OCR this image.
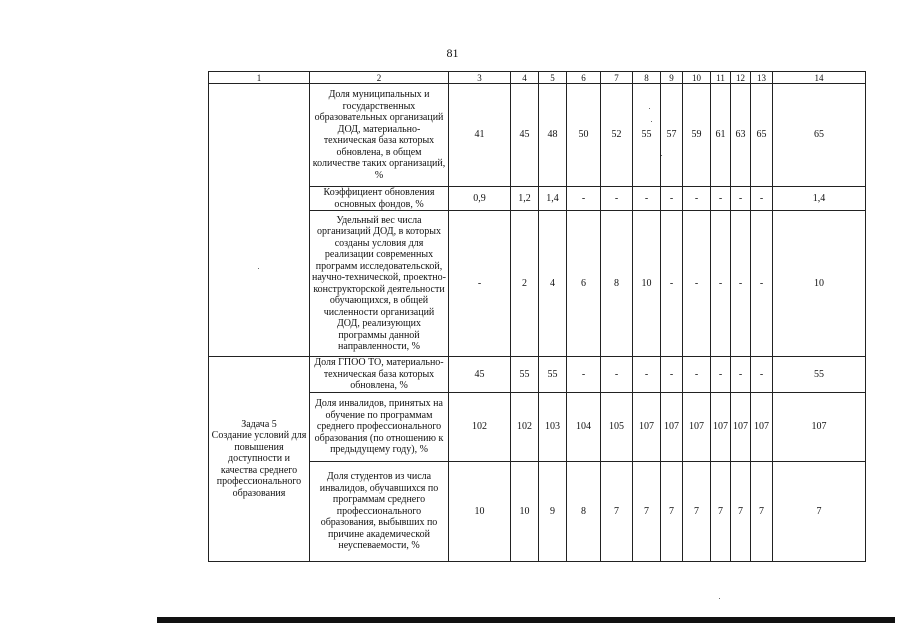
81
1	2	3	4	5	6	7	8	9	10	11	12	13	14
	Доля муниципальных и государственных образовательных организаций ДОД, материально-техническая база которых обновлена, в общем количестве таких организаций, %	41	45	48	50	52	55	57	59	61	63	65	65
	Коэффициент обновления основных фондов, %	0,9	1,2	1,4	-	-	-	-	-	-	-	-	1,4
	Удельный вес числа организаций ДОД, в которых созданы условия для реализации современных программ исследовательской, научно-технической, проектно-конструкторской деятельности обучающихся, в общей численности организаций ДОД, реализующих программы данной направленности, %	-	2	4	6	8	10	-	-	-	-	-	10

Задача 5
Создание условий для повышения доступности и качества среднего профессионального образования	Доля ГПОО ТО, материально-техническая база которых обновлена, %	45	55	55	-	-	-	-	-	-	-	-	55
	Доля инвалидов, принятых на обучение по программам среднего профессионального образования (по отношению к предыдущему году), %	102	102	103	104	105	107	107	107	107	107	107	107
	Доля студентов из числа инвалидов, обучавшихся по программам среднего профессионального образования, выбывших по причине академической неуспеваемости, %	10	10	9	8	7	7	7	7	7	7	7	7
